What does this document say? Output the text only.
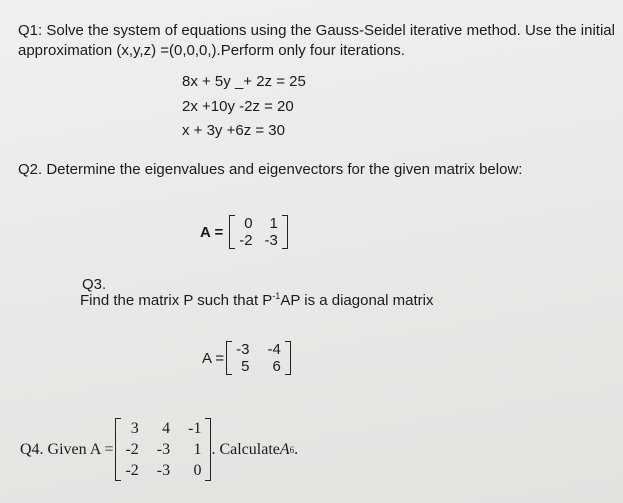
Q1: Solve the system of equations using the Gauss-Seidel iterative method. Use the initial
approximation (x,y,z) =(0,0,0,).Perform only four iterations.
8x + 5y _+ 2z = 25
2x +10y -2z = 20
x + 3y +6z = 30
Q2. Determine the eigenvalues and eigenvectors for the given matrix below:
A =	0	1
-2 -3
Q3.
Find the matrix P such that $P^{-1}AP$ is a diagonal matrix
A = -3 -4
5	6
Q4. Given A =
3	4 -1
-2 -3	1
-2 -3	0
. Calculate A 6 .
